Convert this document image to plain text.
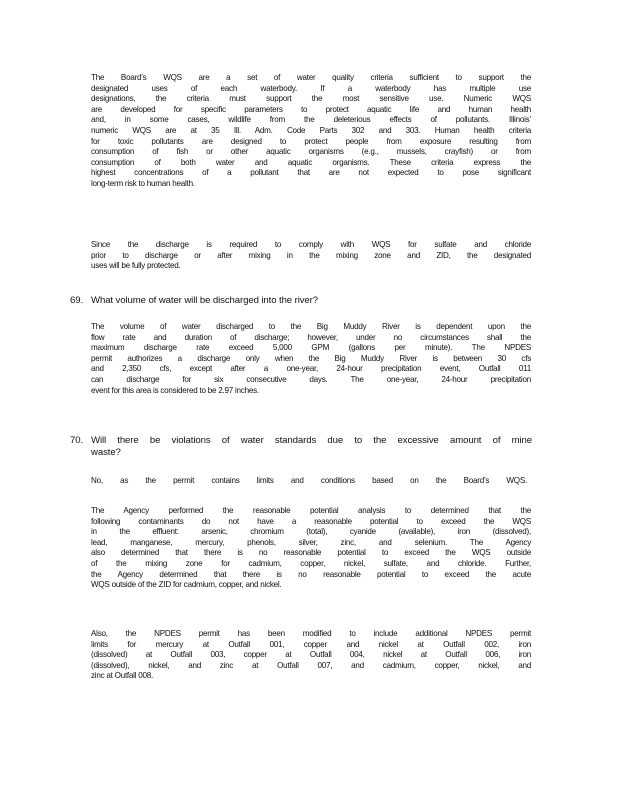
The Board’s WQS are a set of water quality criteria sufficient to support the

designated uses of each waterbody. If a waterbody has multiple use

designations, the criteria must support the most sensitive use. Numeric WQS

are developed for specific parameters to protect aquatic life and human health

and, in some cases, wildlife from the deleterious effects of pollutants. Illinois’

numeric WQS are at 35 Ill. Adm. Code Parts 302 and 303. Human health criteria

for toxic pollutants are designed to protect people from exposure resulting from

consumption of fish or other aquatic organisms (e.g., mussels, crayfish) or from

consumption of both water and aquatic organisms. These criteria express the

highest concentrations of a pollutant that are not expected to pose significant

long-term risk to human health.

Since the discharge is required to comply with WQS for sulfate and chloride

prior to discharge or after mixing in the mixing zone and ZID, the designated

uses will be fully protected.

69. What volume of water will be discharged into the river?

The volume of water discharged to the Big Muddy River is dependent upon the

flow rate and duration of discharge; however, under no circumstances shall the

maximum discharge rate exceed 5,000 GPM (gallons per minute). The NPDES

permit authorizes a discharge only when the Big Muddy River is between 30 cfs

and 2,350 cfs, except after a one-year, 24-hour precipitation event, Outfall 011

can discharge for six consecutive days. The one-year, 24-hour precipitation

event for this area is considered to be 2.97 inches.

70. Will there be violations of water standards due to the excessive amount of mine
waste?

No, as the permit contains limits and conditions based on the Board’s WQS.

The Agency performed the reasonable potential analysis to determined that the

following contaminants do not have a reasonable potential to exceed the WQS

in the effluent: arsenic, chromium (total), cyanide (available), iron (dissolved),

lead, manganese, mercury, phenols, silver, zinc, and selenium. The Agency

also determined that there is no reasonable potential to exceed the WQS outside

of the mixing zone for cadmium, copper, nickel, sulfate, and chloride. Further,

the Agency determined that there is no reasonable potential to exceed the acute

WQS outside of the ZID for cadmium, copper, and nickel.

Also, the NPDES permit has been modified to include additional NPDES permit

limits for mercury at Outfall 001, copper and nickel at Outfall 002, iron

(dissolved) at Outfall 003, copper at Outfall 004, nickel at Outfall 006, iron

(dissolved), nickel, and zinc at Outfall 007, and cadmium, copper, nickel, and

zinc at Outfall 008.
